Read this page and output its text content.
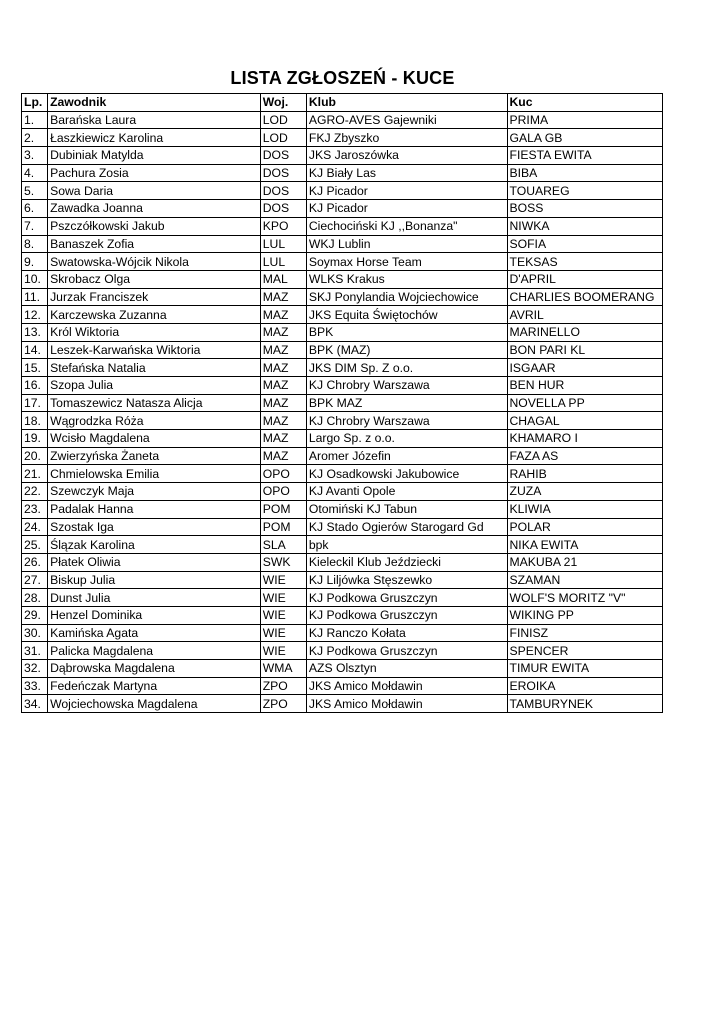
LISTA ZGŁOSZEŃ - KUCE
Lp.	Zawodnik	Woj.	Klub	Kuc
1.	Barańska Laura	LOD	AGRO-AVES Gajewniki	PRIMA
2.	Łaszkiewicz Karolina	LOD	FKJ Zbyszko	GALA GB
3.	Dubiniak Matylda	DOS	JKS Jaroszówka	FIESTA EWITA
4.	Pachura Zosia	DOS	KJ Biały Las	BIBA
5.	Sowa Daria	DOS	KJ Picador	TOUAREG
6.	Zawadka Joanna	DOS	KJ Picador	BOSS
7.	Pszczółkowski Jakub	KPO	Ciechociński KJ ,,Bonanza"	NIWKA
8.	Banaszek Zofia	LUL	WKJ Lublin	SOFIA
9.	Swatowska-Wójcik Nikola	LUL	Soymax Horse Team	TEKSAS
10.	Skrobacz Olga	MAL	WLKS Krakus	D'APRIL
11.	Jurzak Franciszek	MAZ	SKJ Ponylandia Wojciechowice	CHARLIES BOOMERANG
12.	Karczewska Zuzanna	MAZ	JKS Equita Świętochów	AVRIL
13.	Król Wiktoria	MAZ	BPK	MARINELLO
14.	Leszek-Karwańska Wiktoria	MAZ	BPK (MAZ)	BON PARI KL
15.	Stefańska Natalia	MAZ	JKS DIM Sp. Z o.o.	ISGAAR
16.	Szopa Julia	MAZ	KJ Chrobry Warszawa	BEN HUR
17.	Tomaszewicz Natasza Alicja	MAZ	BPK MAZ	NOVELLA PP
18.	Wągrodzka Róża	MAZ	KJ Chrobry Warszawa	CHAGAL
19.	Wcisło Magdalena	MAZ	Largo Sp. z o.o.	KHAMARO I
20.	Zwierzyńska Żaneta	MAZ	Aromer Józefin	FAZA AS
21.	Chmielowska Emilia	OPO	KJ Osadkowski Jakubowice	RAHIB
22.	Szewczyk Maja	OPO	KJ Avanti Opole	ZUZA
23.	Padalak Hanna	POM	Otomiński KJ Tabun	KLIWIA
24.	Szostak Iga	POM	KJ Stado Ogierów Starogard Gd	POLAR
25.	Ślązak Karolina	SLA	bpk	NIKA EWITA
26.	Płatek Oliwia	SWK	Kieleckil Klub Jeździecki	MAKUBA 21
27.	Biskup Julia	WIE	KJ Liljówka Stęszewko	SZAMAN
28.	Dunst Julia	WIE	KJ Podkowa Gruszczyn	WOLF'S MORITZ "V"
29.	Henzel Dominika	WIE	KJ Podkowa Gruszczyn	WIKING PP
30.	Kamińska Agata	WIE	KJ Ranczo Kołata	FINISZ
31.	Palicka Magdalena	WIE	KJ Podkowa Gruszczyn	SPENCER
32.	Dąbrowska Magdalena	WMA	AZS Olsztyn	TIMUR EWITA
33.	Fedeńczak Martyna	ZPO	JKS Amico Mołdawin	EROIKA
34.	Wojciechowska Magdalena	ZPO	JKS Amico Mołdawin	TAMBURYNEK
